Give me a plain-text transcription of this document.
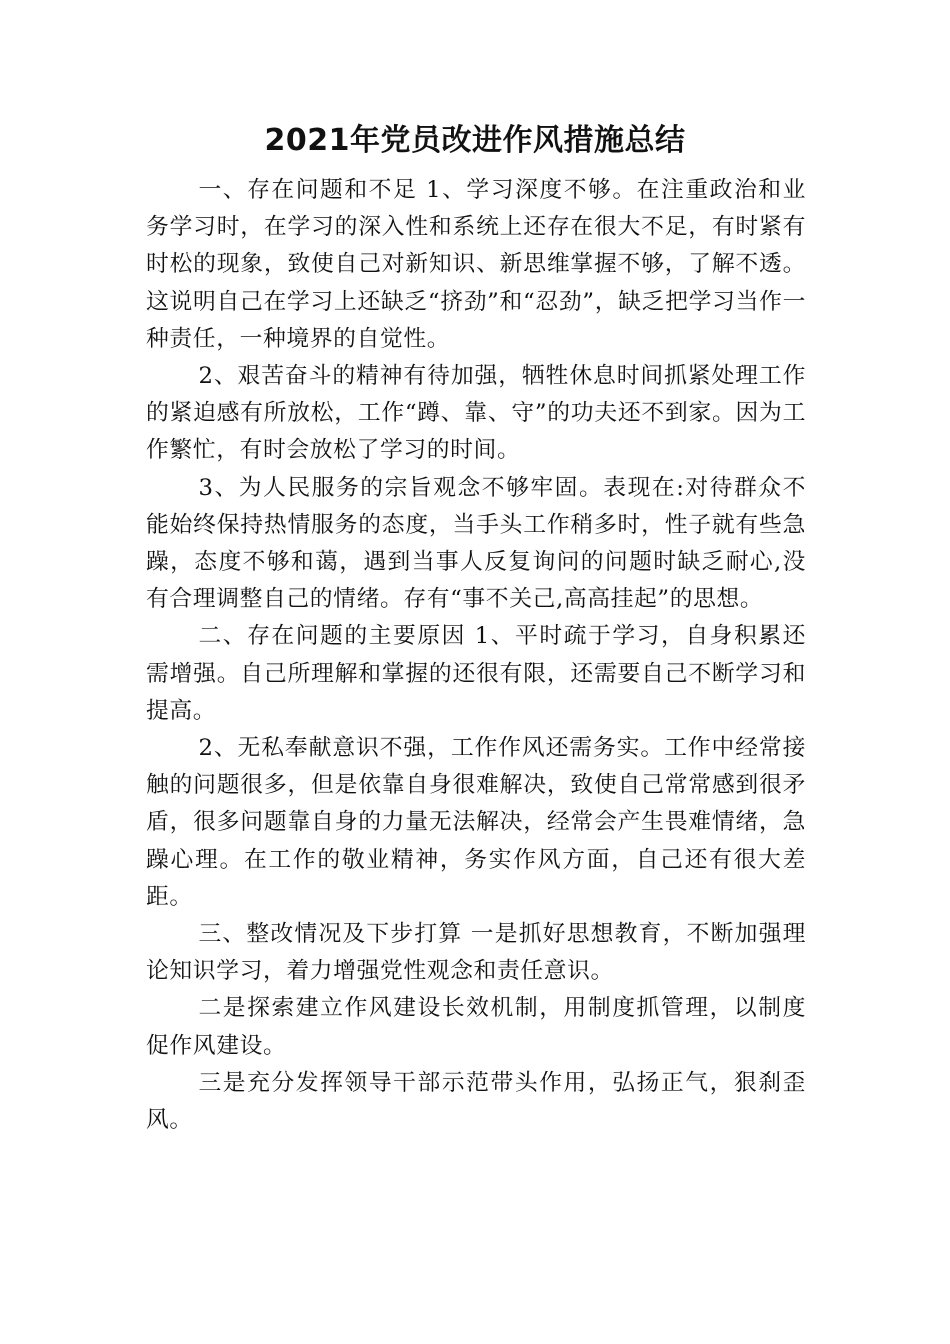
2021年党员改进作风措施总结

一、存在问题和不足 1、学习深度不够。在注重政治和业务学习时，在学习的深入性和系统上还存在很大不足，有时紧有时松的现象，致使自己对新知识、新思维掌握不够，了解不透。这说明自己在学习上还缺乏“挤劲”和“忍劲”，缺乏把学习当作一种责任，一种境界的自觉性。

2、艰苦奋斗的精神有待加强，牺牲休息时间抓紧处理工作的紧迫感有所放松，工作“蹲、靠、守”的功夫还不到家。因为工作繁忙，有时会放松了学习的时间。

3、为人民服务的宗旨观念不够牢固。表现在:对待群众不能始终保持热情服务的态度，当手头工作稍多时，性子就有些急躁，态度不够和蔼，遇到当事人反复询问的问题时缺乏耐心,没有合理调整自己的情绪。存有“事不关己,高高挂起”的思想。

二、存在问题的主要原因 1、平时疏于学习，自身积累还需增强。自己所理解和掌握的还很有限，还需要自己不断学习和提高。

2、无私奉献意识不强，工作作风还需务实。工作中经常接触的问题很多，但是依靠自身很难解决，致使自己常常感到很矛盾，很多问题靠自身的力量无法解决，经常会产生畏难情绪，急躁心理。在工作的敬业精神，务实作风方面，自己还有很大差距。

三、整改情况及下步打算 一是抓好思想教育，不断加强理论知识学习，着力增强党性观念和责任意识。

二是探索建立作风建设长效机制，用制度抓管理，以制度促作风建设。

三是充分发挥领导干部示范带头作用，弘扬正气，狠刹歪风。
